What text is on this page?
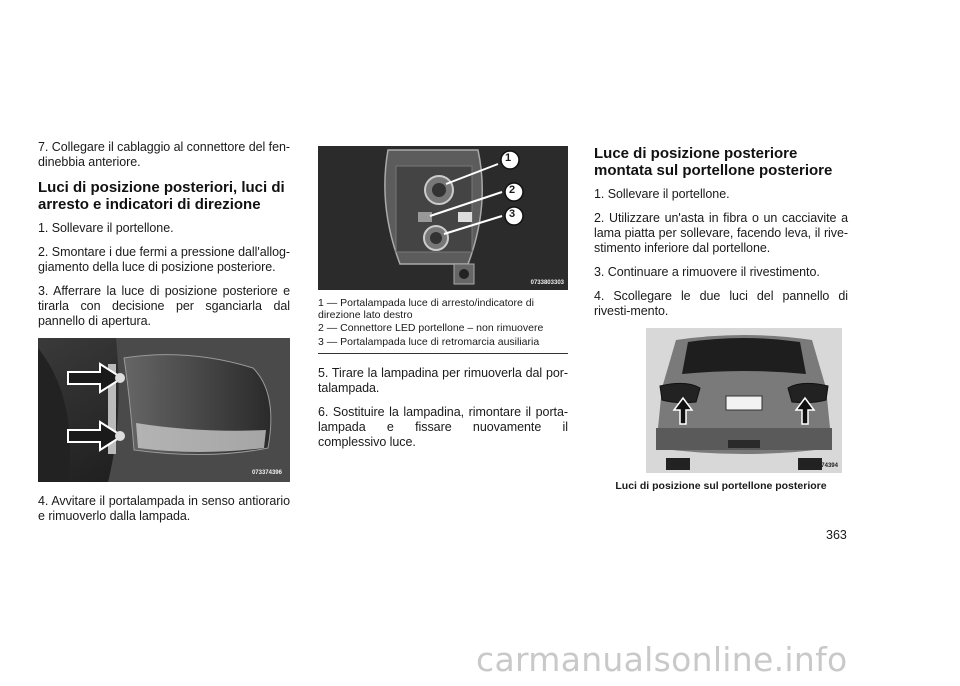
7. Collegare il cablaggio al connettore del fen-dinebbia anteriore.

Luci di posizione posteriori, luci di arresto e indicatori di direzione

1. Sollevare il portellone.

2. Smontare i due fermi a pressione dall'allog-giamento della luce di posizione posteriore.

3. Afferrare la luce di posizione posteriore e tirarla con decisione per sganciarla dal pannello di apertura.

073374396

4. Avvitare il portalampada in senso antiorario e rimuoverlo dalla lampada.

1
2
3
0733803303
1 — Portalampada luce di arresto/indicatore di direzione lato destro
2 — Connettore LED portellone – non rimuovere
3 — Portalampada luce di retromarcia ausiliaria

5. Tirare la lampadina per rimuoverla dal por-talampada.

6. Sostituire la lampadina, rimontare il porta-lampada e fissare nuovamente il complessivo luce.

Luce di posizione posteriore montata sul portellone posteriore

1. Sollevare il portellone.

2. Utilizzare un'asta in fibra o un cacciavite a lama piatta per sollevare, facendo leva, il rive-stimento inferiore dal portellone.

3. Continuare a rimuovere il rivestimento.

4. Scollegare le due luci del pannello di rivesti-mento.

073374394
Luci di posizione sul portellone posteriore
363
carmanualsonline.info
